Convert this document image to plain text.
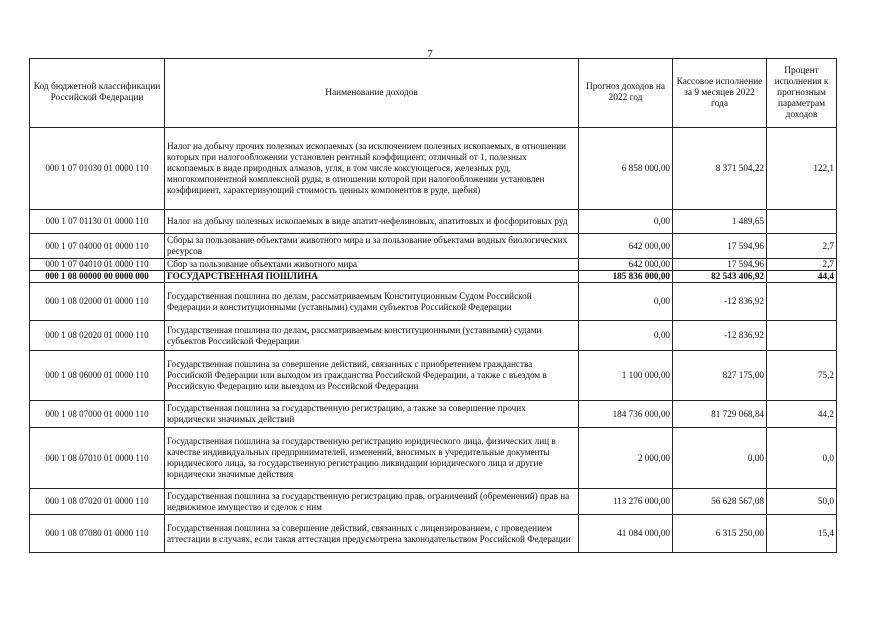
7
Код бюджетной классификации Российской Федерации	Наименование доходов	Прогноз доходов на 2022 год	Кассовое исполнение за 9 месяцев 2022 года	Процент исполнения к прогнозным параметрам доходов
000 1 07 01030 01 0000 110	Налог на добычу прочих полезных ископаемых (за исключением полезных ископаемых, в отношении которых при налогообложении установлен рентный коэффициент, отличный от 1, полезных ископаемых в виде природных алмазов, угля, в том числе коксующегося, железных руд, многокомпонентной комплексной руды, в отношении которой при налогообложении установлен коэффициент, характеризующий стоимость ценных компонентов в руде, щебня)	6 858 000,00	8 371 504,22	122,1
000 1 07 01130 01 0000 110	Налог на добычу полезных ископаемых в виде апатит-нефелиновых, апатитовых и фосфоритовых руд	0,00	1 489,65	
000 1 07 04000 01 0000 110	Сборы за пользование объектами животного мира и за пользование объектами водных биологических ресурсов	642 000,00	17 594,96	2,7
000 1 07 04010 01 0000 110	Сбор за пользование объектами животного мира	642 000,00	17 594,96	2,7
000 1 08 00000 00 0000 000	ГОСУДАРСТВЕННАЯ ПОШЛИНА	185 836 000,00	82 543 406,92	44,4
000 1 08 02000 01 0000 110	Государственная пошлина по делам, рассматриваемым Конституционным Судом Российской Федерации и конституционными (уставными) судами субъектов Российской Федерации	0,00	-12 836,92	
000 1 08 02020 01 0000 110	Государственная пошлина по делам, рассматриваемым конституционными (уставными) судами субъектов Российской Федерации	0,00	-12 836,92	
000 1 08 06000 01 0000 110	Государственная пошлина за совершение действий, связанных с приобретением гражданства Российской Федерации или выходом из гражданства Российской Федерации, а также с въездом в Российскую Федерацию или выездом из Российской Федерации	1 100 000,00	827 175,00	75,2
000 1 08 07000 01 0000 110	Государственная пошлина за государственную регистрацию, а также за совершение прочих юридически значимых действий	184 736 000,00	81 729 068,84	44,2
000 1 08 07010 01 0000 110	Государственная пошлина за государственную регистрацию юридического лица, физических лиц в качестве индивидуальных предпринимателей, изменений, вносимых в учредительные документы юридического лица, за государственную регистрацию ликвидации юридического лица и другие юридически значимые действия	2 000,00	0,00	0,0
000 1 08 07020 01 0000 110	Государственная пошлина за государственную регистрацию прав, ограничений (обременений) прав на недвижимое имущество и сделок с ним	113 276 000,00	56 628 567,08	50,0
000 1 08 07080 01 0000 110	Государственная пошлина за совершение действий, связанных с лицензированием, с проведением аттестации в случаях, если такая аттестация предусмотрена законодательством Российской Федерации	41 084 000,00	6 315 250,00	15,4
